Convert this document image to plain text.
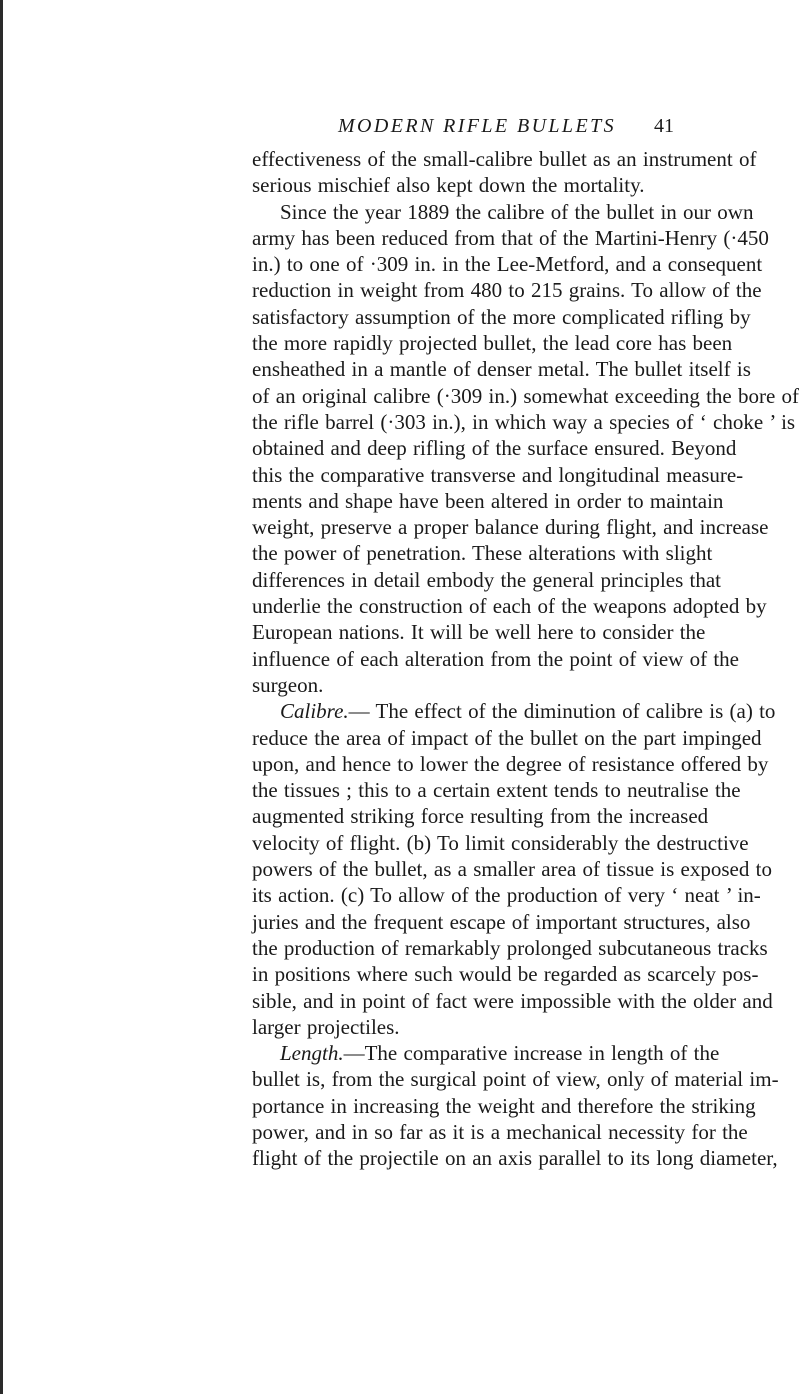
MODERN RIFLE BULLETS 41
effectiveness of the small-calibre bullet as an instrument of
serious mischief also kept down the mortality.
Since the year 1889 the calibre of the bullet in our own
army has been reduced from that of the Martini-Henry (·450
in.) to one of ·309 in. in the Lee-Metford, and a consequent
reduction in weight from 480 to 215 grains. To allow of the
satisfactory assumption of the more complicated rifling by
the more rapidly projected bullet, the lead core has been
ensheathed in a mantle of denser metal. The bullet itself is
of an original calibre (·309 in.) somewhat exceeding the bore of
the rifle barrel (·303 in.), in which way a species of ‘ choke ’ is
obtained and deep rifling of the surface ensured. Beyond
this the comparative transverse and longitudinal measure-
ments and shape have been altered in order to maintain
weight, preserve a proper balance during flight, and increase
the power of penetration. These alterations with slight
differences in detail embody the general principles that
underlie the construction of each of the weapons adopted by
European nations. It will be well here to consider the
influence of each alteration from the point of view of the
surgeon.
Calibre.— The effect of the diminution of calibre is (a) to
reduce the area of impact of the bullet on the part impinged
upon, and hence to lower the degree of resistance offered by
the tissues ; this to a certain extent tends to neutralise the
augmented striking force resulting from the increased
velocity of flight. (b) To limit considerably the destructive
powers of the bullet, as a smaller area of tissue is exposed to
its action. (c) To allow of the production of very ‘ neat ’ in-
juries and the frequent escape of important structures, also
the production of remarkably prolonged subcutaneous tracks
in positions where such would be regarded as scarcely pos-
sible, and in point of fact were impossible with the older and
larger projectiles.
Length.—The comparative increase in length of the
bullet is, from the surgical point of view, only of material im-
portance in increasing the weight and therefore the striking
power, and in so far as it is a mechanical necessity for the
flight of the projectile on an axis parallel to its long diameter,
